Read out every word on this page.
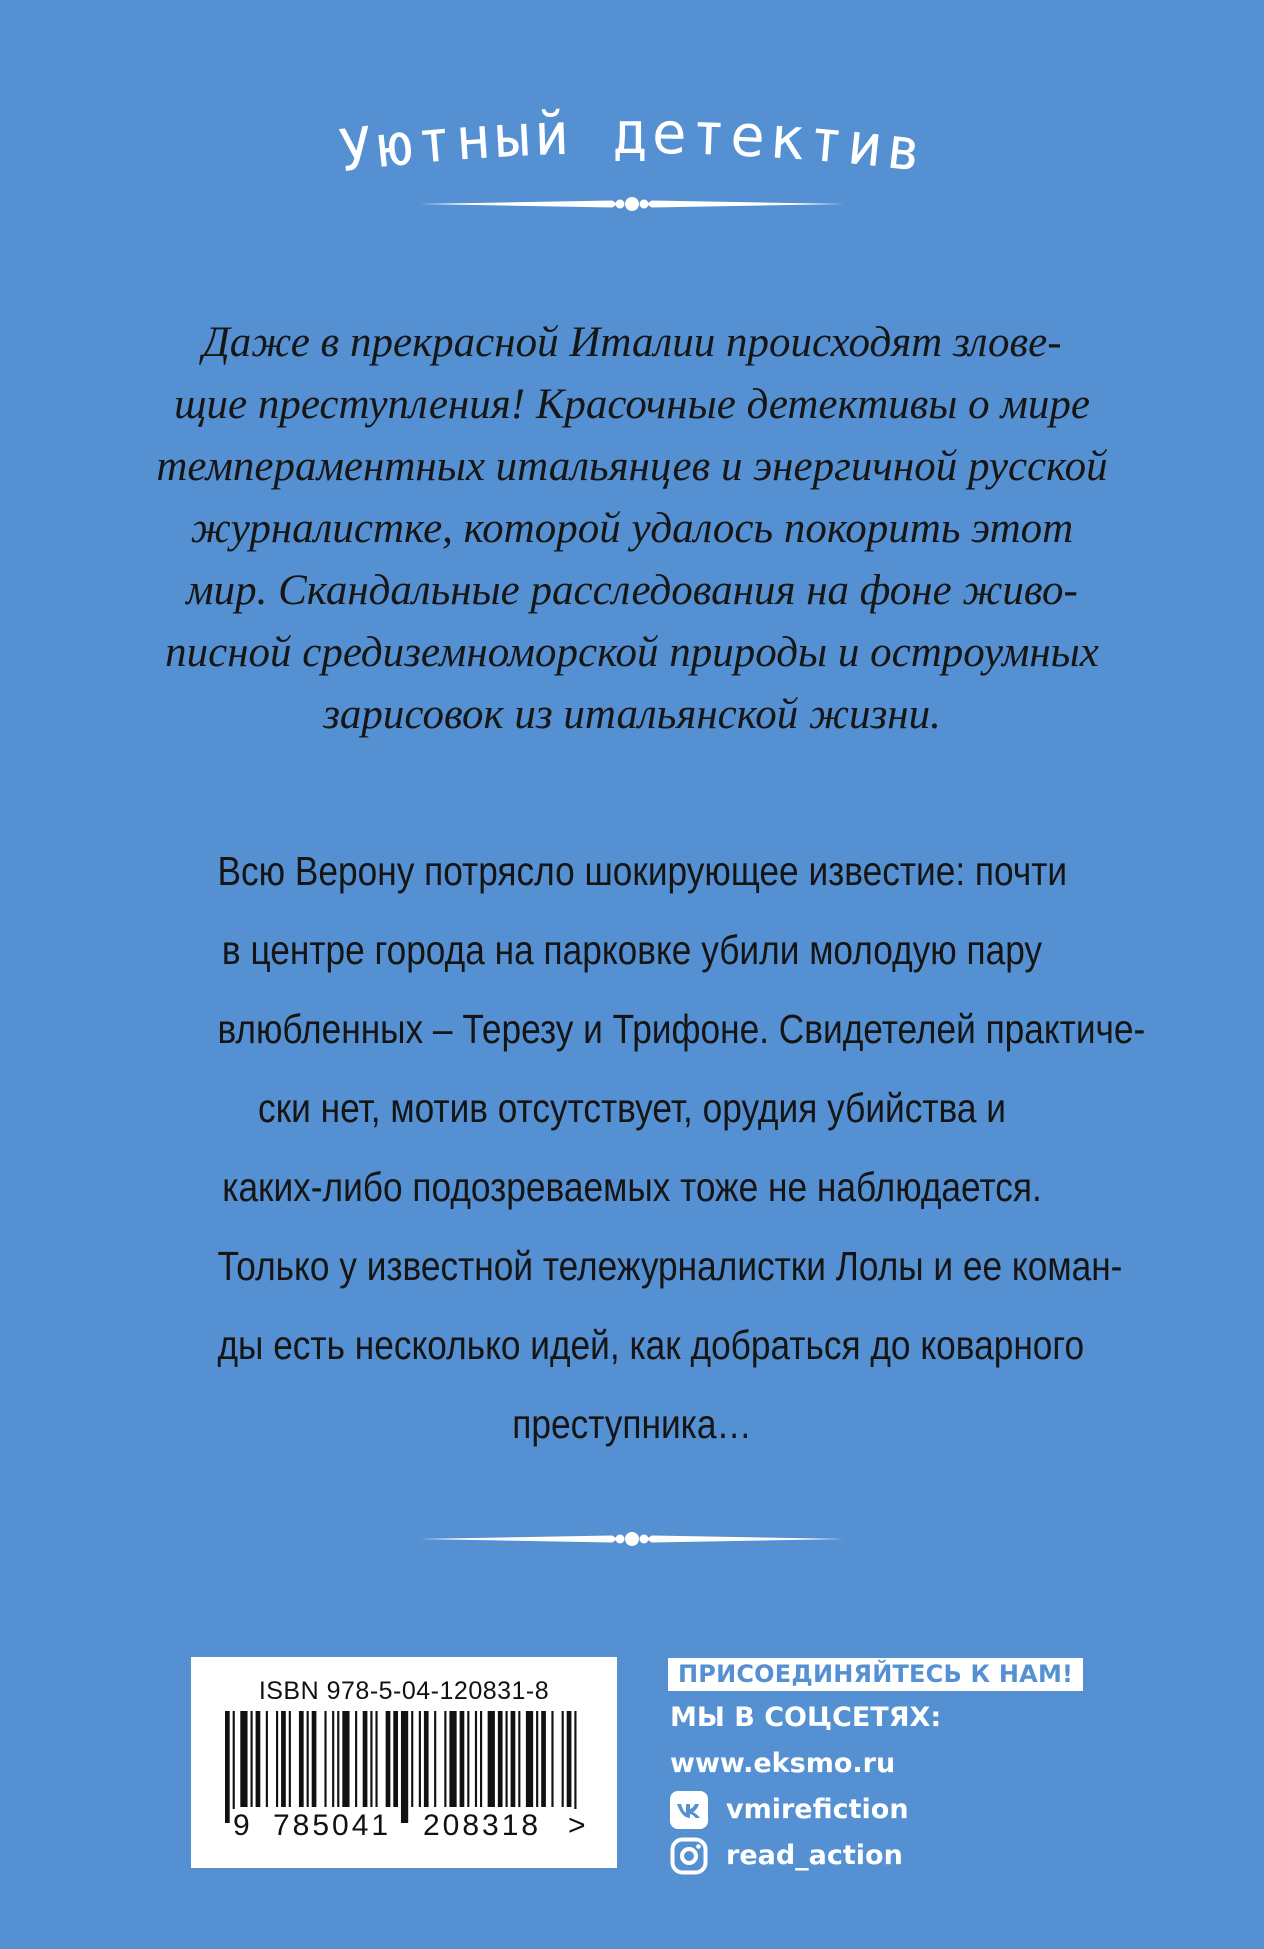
Уютный детектив
Даже в прекрасной Италии происходят злове-
щие преступления! Красочные детективы о мире
темпераментных итальянцев и энергичной русской
журналистке, которой удалось покорить этот
мир. Скандальные расследования на фоне живо-
писной средиземноморской природы и остроумных
зарисовок из итальянской жизни.
Всю Верону потрясло шокирующее известие: почти
в центре города на парковке убили молодую пару
влюбленных – Терезу и Трифоне. Свидетелей практиче-
ски нет, мотив отсутствует, орудия убийства и
каких-либо подозреваемых тоже не наблюдается.
Только у известной тележурналистки Лолы и ее коман-
ды есть несколько идей, как добраться до коварного
преступника…
ISBN 978-5-04-120831-8
9 785041 208318 >
ПРИСОЕДИНЯЙТЕСЬ К НАМ!
МЫ В СОЦСЕТЯХ:
www.eksmo.ru
vmirefiction
read_action
